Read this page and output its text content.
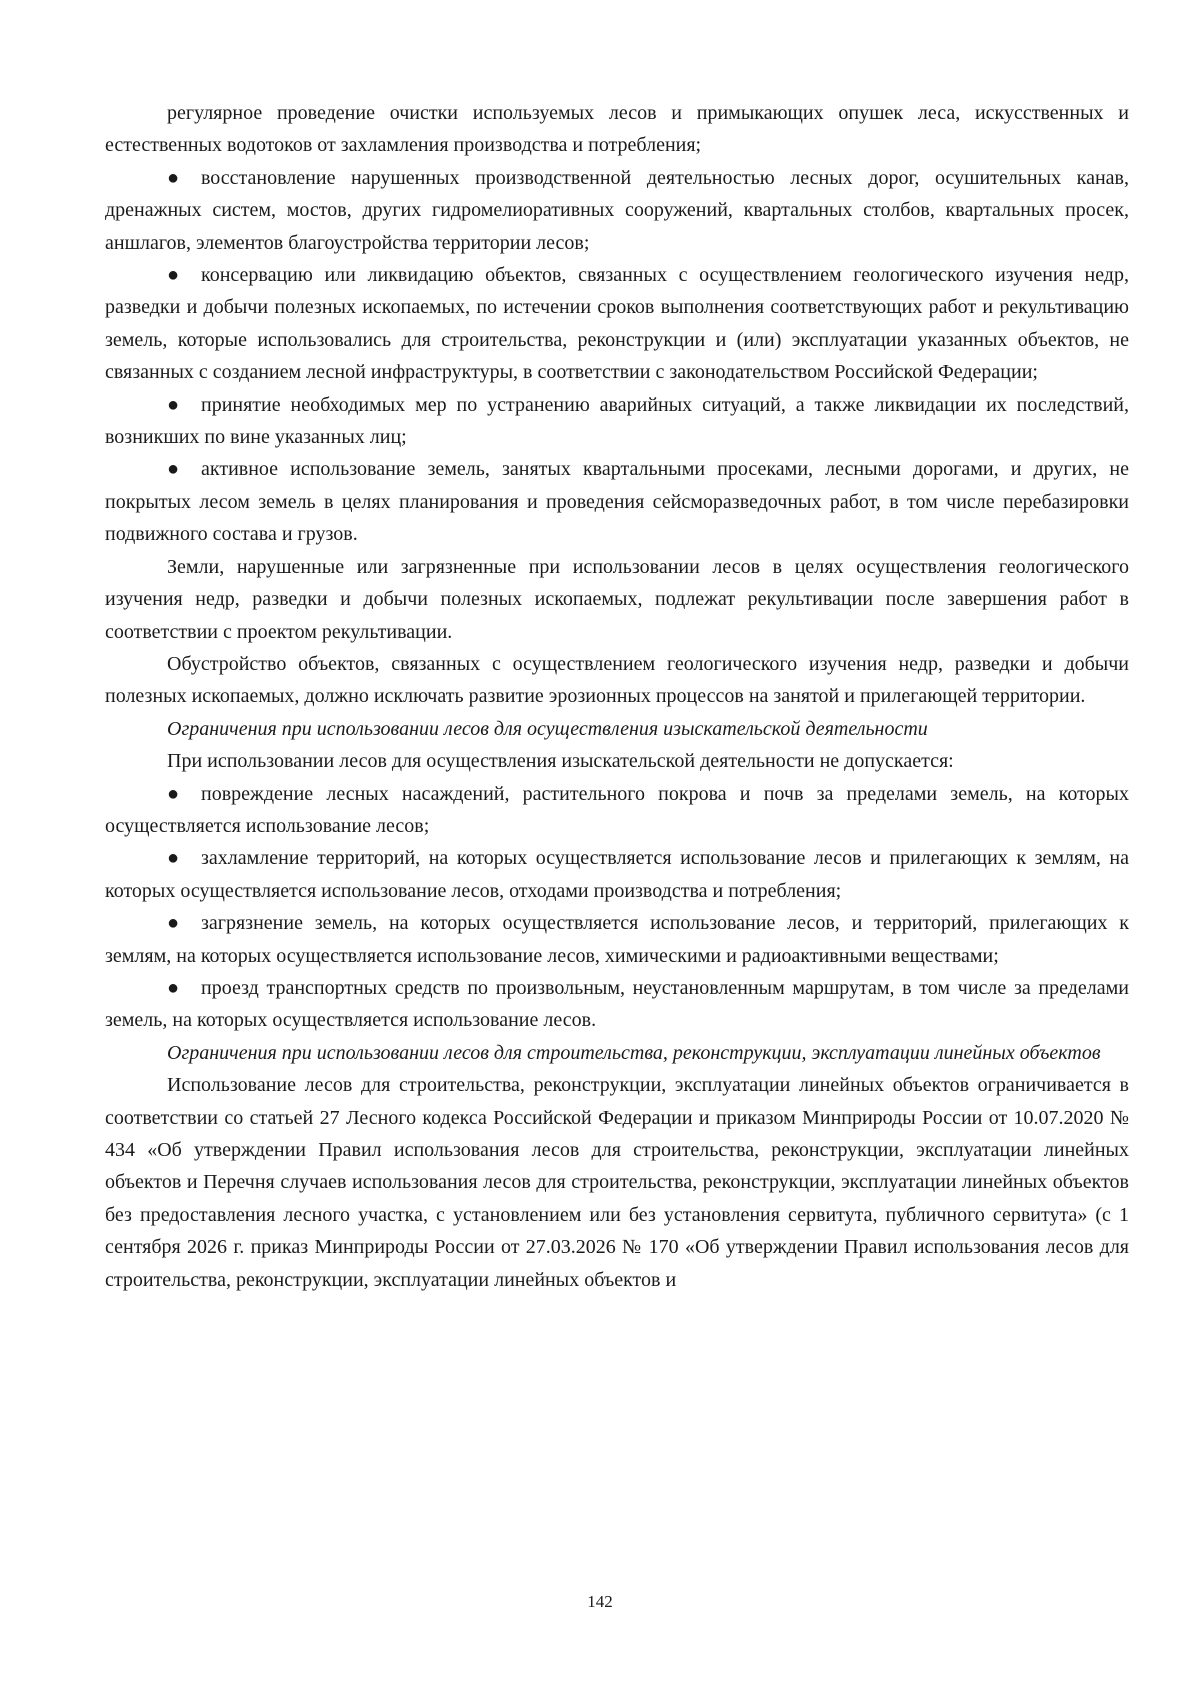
регулярное проведение очистки используемых лесов и примыкающих опушек леса, искусственных и естественных водотоков от захламления производства и потребления;

● восстановление нарушенных производственной деятельностью лесных дорог, осушительных канав, дренажных систем, мостов, других гидромелиоративных сооружений, квартальных столбов, квартальных просек, аншлагов, элементов благоустройства территории лесов;

● консервацию или ликвидацию объектов, связанных с осуществлением геологического изучения недр, разведки и добычи полезных ископаемых, по истечении сроков выполнения соответствующих работ и рекультивацию земель, которые использовались для строительства, реконструкции и (или) эксплуатации указанных объектов, не связанных с созданием лесной инфраструктуры, в соответствии с законодательством Российской Федерации;

● принятие необходимых мер по устранению аварийных ситуаций, а также ликвидации их последствий, возникших по вине указанных лиц;

● активное использование земель, занятых квартальными просеками, лесными дорогами, и других, не покрытых лесом земель в целях планирования и проведения сейсморазведочных работ, в том числе перебазировки подвижного состава и грузов.

Земли, нарушенные или загрязненные при использовании лесов в целях осуществления геологического изучения недр, разведки и добычи полезных ископаемых, подлежат рекультивации после завершения работ в соответствии с проектом рекультивации.

Обустройство объектов, связанных с осуществлением геологического изучения недр, разведки и добычи полезных ископаемых, должно исключать развитие эрозионных процессов на занятой и прилегающей территории.

Ограничения при использовании лесов для осуществления изыскательской деятельности

При использовании лесов для осуществления изыскательской деятельности не допускается:

● повреждение лесных насаждений, растительного покрова и почв за пределами земель, на которых осуществляется использование лесов;

● захламление территорий, на которых осуществляется использование лесов и прилегающих к землям, на которых осуществляется использование лесов, отходами производства и потребления;

● загрязнение земель, на которых осуществляется использование лесов, и территорий, прилегающих к землям, на которых осуществляется использование лесов, химическими и радиоактивными веществами;

● проезд транспортных средств по произвольным, неустановленным маршрутам, в том числе за пределами земель, на которых осуществляется использование лесов.

Ограничения при использовании лесов для строительства, реконструкции, эксплуатации линейных объектов

Использование лесов для строительства, реконструкции, эксплуатации линейных объектов ограничивается в соответствии со статьей 27 Лесного кодекса Российской Федерации и приказом Минприроды России от 10.07.2020 № 434 «Об утверждении Правил использования лесов для строительства, реконструкции, эксплуатации линейных объектов и Перечня случаев использования лесов для строительства, реконструкции, эксплуатации линейных объектов без предоставления лесного участка, с установлением или без установления сервитута, публичного сервитута» (с 1 сентября 2026 г. приказ Минприроды России от 27.03.2026 № 170 «Об утверждении Правил использования лесов для строительства, реконструкции, эксплуатации линейных объектов и

142
